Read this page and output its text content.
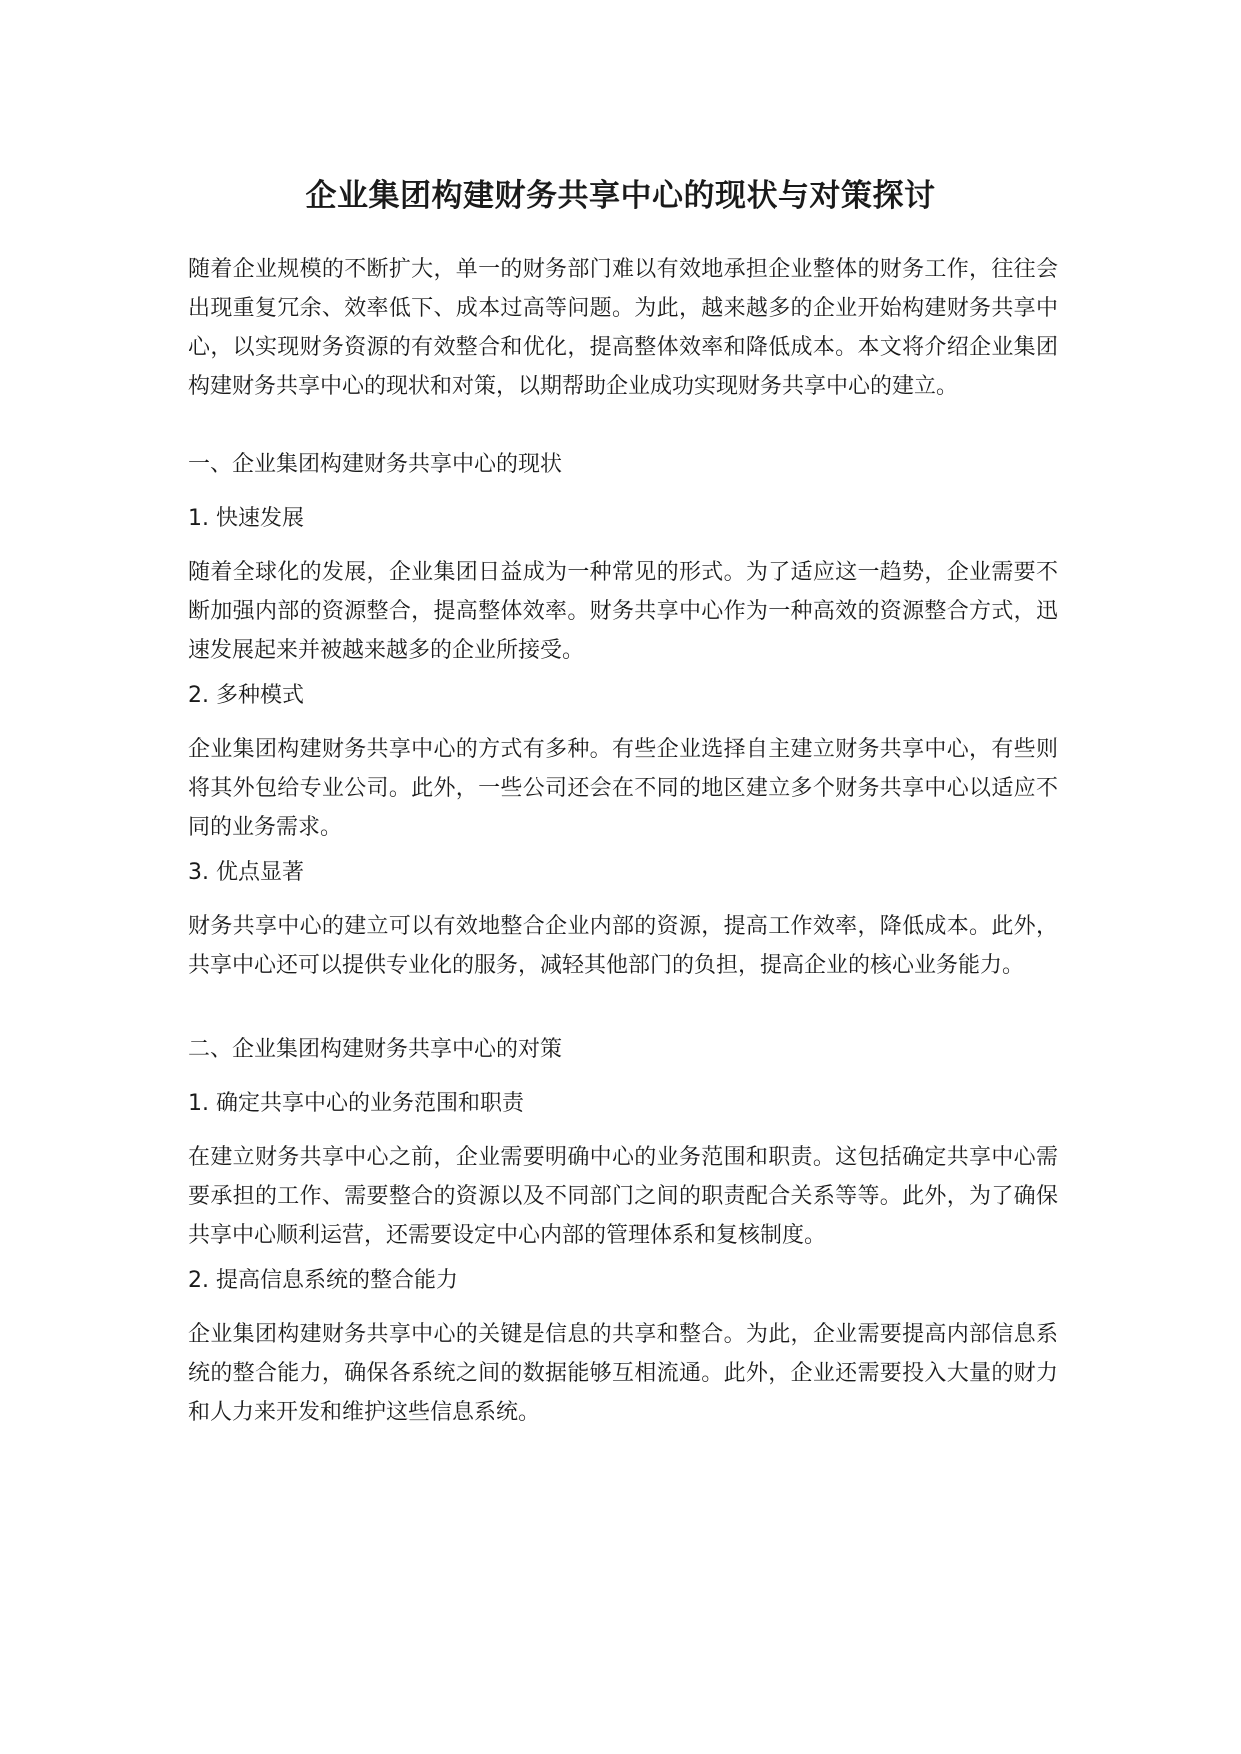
企业集团构建财务共享中心的现状与对策探讨

随着企业规模的不断扩大，单一的财务部门难以有效地承担企业整体的财务工作，往往会出现重复冗余、效率低下、成本过高等问题。为此，越来越多的企业开始构建财务共享中心，以实现财务资源的有效整合和优化，提高整体效率和降低成本。本文将介绍企业集团构建财务共享中心的现状和对策，以期帮助企业成功实现财务共享中心的建立。

一、企业集团构建财务共享中心的现状

1. 快速发展

随着全球化的发展，企业集团日益成为一种常见的形式。为了适应这一趋势，企业需要不断加强内部的资源整合，提高整体效率。财务共享中心作为一种高效的资源整合方式，迅速发展起来并被越来越多的企业所接受。

2. 多种模式

企业集团构建财务共享中心的方式有多种。有些企业选择自主建立财务共享中心，有些则将其外包给专业公司。此外，一些公司还会在不同的地区建立多个财务共享中心以适应不同的业务需求。

3. 优点显著

财务共享中心的建立可以有效地整合企业内部的资源，提高工作效率，降低成本。此外，共享中心还可以提供专业化的服务，减轻其他部门的负担，提高企业的核心业务能力。

二、企业集团构建财务共享中心的对策

1. 确定共享中心的业务范围和职责

在建立财务共享中心之前，企业需要明确中心的业务范围和职责。这包括确定共享中心需要承担的工作、需要整合的资源以及不同部门之间的职责配合关系等等。此外，为了确保共享中心顺利运营，还需要设定中心内部的管理体系和复核制度。

2. 提高信息系统的整合能力

企业集团构建财务共享中心的关键是信息的共享和整合。为此，企业需要提高内部信息系统的整合能力，确保各系统之间的数据能够互相流通。此外，企业还需要投入大量的财力和人力来开发和维护这些信息系统。
